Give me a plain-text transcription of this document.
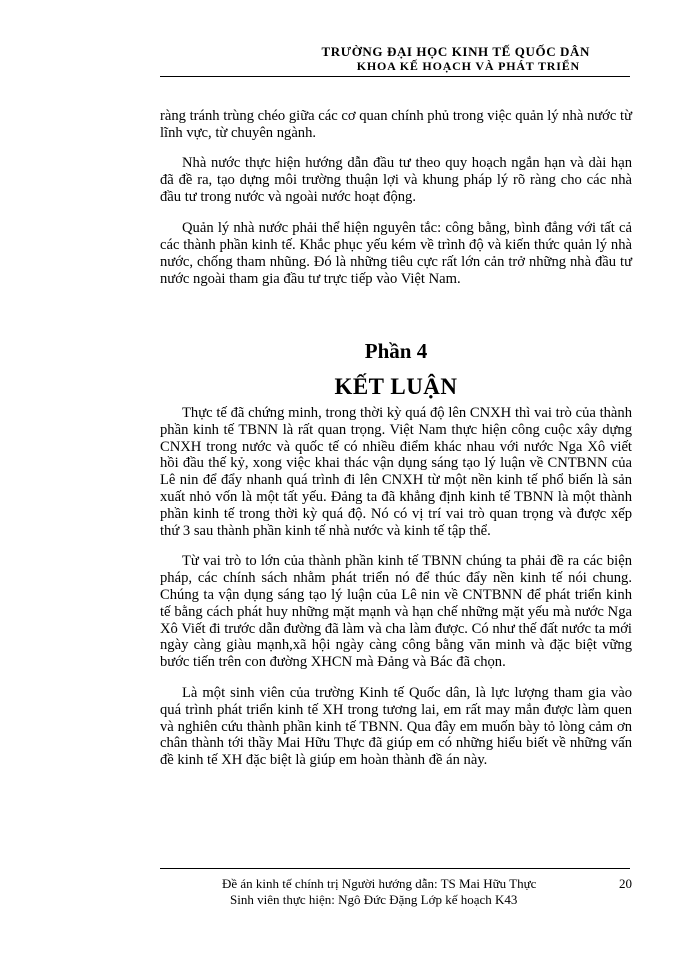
TRƯỜNG ĐẠI HỌC KINH TẾ QUỐC DÂN
KHOA KẾ HOẠCH VÀ PHÁT TRIỂN

ràng tránh trùng chéo giữa các cơ quan chính phủ trong việc quản lý nhà nước từ lĩnh vực, từ chuyên ngành.

Nhà nước thực hiện hướng dẫn đầu tư theo quy hoạch ngắn hạn và dài hạn đã đề ra, tạo dựng môi trường thuận lợi và khung pháp lý rõ ràng cho các nhà đầu tư trong nước và ngoài nước hoạt động.

Quản lý nhà nước phải thể hiện nguyên tắc: công bằng, bình đẳng với tất cả các thành phần kinh tế. Khắc phục yếu kém về trình độ và kiến thức quản lý nhà nước, chống tham nhũng. Đó là những tiêu cực rất lớn cản trở những nhà đầu tư nước ngoài tham gia đầu tư trực tiếp vào Việt Nam.

Phần 4
KẾT LUẬN

Thực tế đã chứng minh, trong thời kỳ quá độ lên CNXH thì vai trò của thành phần kinh tế TBNN là rất quan trọng. Việt Nam thực hiện công cuộc xây dựng CNXH trong nước và quốc tế có nhiều điểm khác nhau với nước Nga Xô viết hồi đầu thế kỷ, xong việc khai thác vận dụng sáng tạo lý luận về CNTBNN của Lê nin để đẩy nhanh quá trình đi lên CNXH từ một nền kinh tế phổ biến là sản xuất nhỏ vốn là một tất yếu. Đảng ta đã khẳng định kinh tế TBNN là một thành phần kinh tế trong thời kỳ quá độ. Nó có vị trí vai trò quan trọng và được xếp thứ 3 sau thành phần kinh tế nhà nước và kinh tế tập thể.

Từ vai trò to lớn của thành phần kinh tế TBNN chúng ta phải đề ra các biện pháp, các chính sách nhằm phát triển nó để thúc đẩy nền kinh tế nói chung. Chúng ta vận dụng sáng tạo lý luận của Lê nin về CNTBNN để phát triển kinh tế bằng cách phát huy những mặt mạnh và hạn chế những mặt yếu mà nước Nga Xô Viết đi trước dẫn đường đã làm và cha làm được. Có như thế đất nước ta mới ngày càng giàu mạnh,xã hội ngày càng công bằng văn minh và đặc biệt vững bước tiến trên con đường XHCN mà Đảng và Bác đã chọn.

Là một sinh viên của trường Kinh tế Quốc dân, là lực lượng tham gia vào quá trình phát triển kinh tế XH trong tương lai, em rất may mắn được làm quen và nghiên cứu thành phần kinh tế TBNN. Qua đây em muốn bày tỏ lòng cảm ơn chân thành tới thầy Mai Hữu Thực đã giúp em có những hiểu biết về những vấn đề kinh tế XH đặc biệt là giúp em hoàn thành đề án này.

Đề án kinh tế chính trị Người hướng dẫn: TS Mai Hữu Thực	20
Sinh viên thực hiện: Ngô Đức Đặng Lớp kế hoạch K43
